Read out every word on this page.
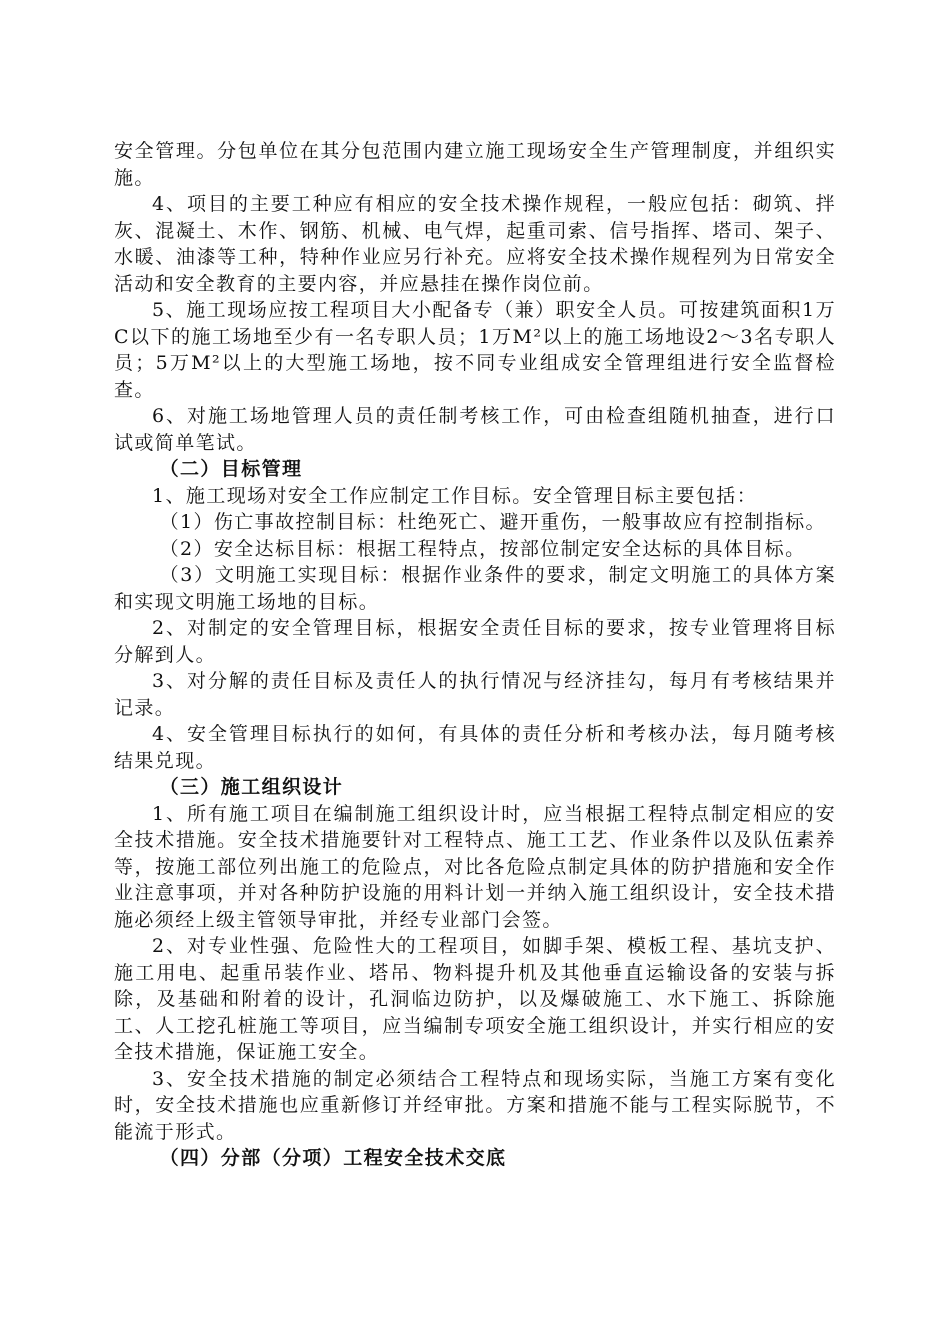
安全管理。分包单位在其分包范围内建立施工现场安全生产管理制度，并组织实施。

4、项目的主要工种应有相应的安全技术操作规程，一般应包括：砌筑、拌灰、混凝土、木作、钢筋、机械、电气焊，起重司索、信号指挥、塔司、架子、水暖、油漆等工种，特种作业应另行补充。应将安全技术操作规程列为日常安全活动和安全教育的主要内容，并应悬挂在操作岗位前。

5、施工现场应按工程项目大小配备专（兼）职安全人员。可按建筑面积1万C以下的施工场地至少有一名专职人员；1万M²以上的施工场地设2～3名专职人员；5万M²以上的大型施工场地，按不同专业组成安全管理组进行安全监督检查。

6、对施工场地管理人员的责任制考核工作，可由检查组随机抽查，进行口试或简单笔试。

（二）目标管理

1、施工现场对安全工作应制定工作目标。安全管理目标主要包括：

（1）伤亡事故控制目标：杜绝死亡、避开重伤，一般事故应有控制指标。

（2）安全达标目标：根据工程特点，按部位制定安全达标的具体目标。

（3）文明施工实现目标：根据作业条件的要求，制定文明施工的具体方案和实现文明施工场地的目标。

2、对制定的安全管理目标，根据安全责任目标的要求，按专业管理将目标分解到人。

3、对分解的责任目标及责任人的执行情况与经济挂勾，每月有考核结果并记录。

4、安全管理目标执行的如何，有具体的责任分析和考核办法，每月随考核结果兑现。

（三）施工组织设计

1、所有施工项目在编制施工组织设计时，应当根据工程特点制定相应的安全技术措施。安全技术措施要针对工程特点、施工工艺、作业条件以及队伍素养等，按施工部位列出施工的危险点，对比各危险点制定具体的防护措施和安全作业注意事项，并对各种防护设施的用料计划一并纳入施工组织设计，安全技术措施必须经上级主管领导审批，并经专业部门会签。

2、对专业性强、危险性大的工程项目，如脚手架、模板工程、基坑支护、施工用电、起重吊装作业、塔吊、物料提升机及其他垂直运输设备的安装与拆除，及基础和附着的设计，孔洞临边防护，以及爆破施工、水下施工、拆除施工、人工挖孔桩施工等项目，应当编制专项安全施工组织设计，并实行相应的安全技术措施，保证施工安全。

3、安全技术措施的制定必须结合工程特点和现场实际，当施工方案有变化时，安全技术措施也应重新修订并经审批。方案和措施不能与工程实际脱节，不能流于形式。

（四）分部（分项）工程安全技术交底
